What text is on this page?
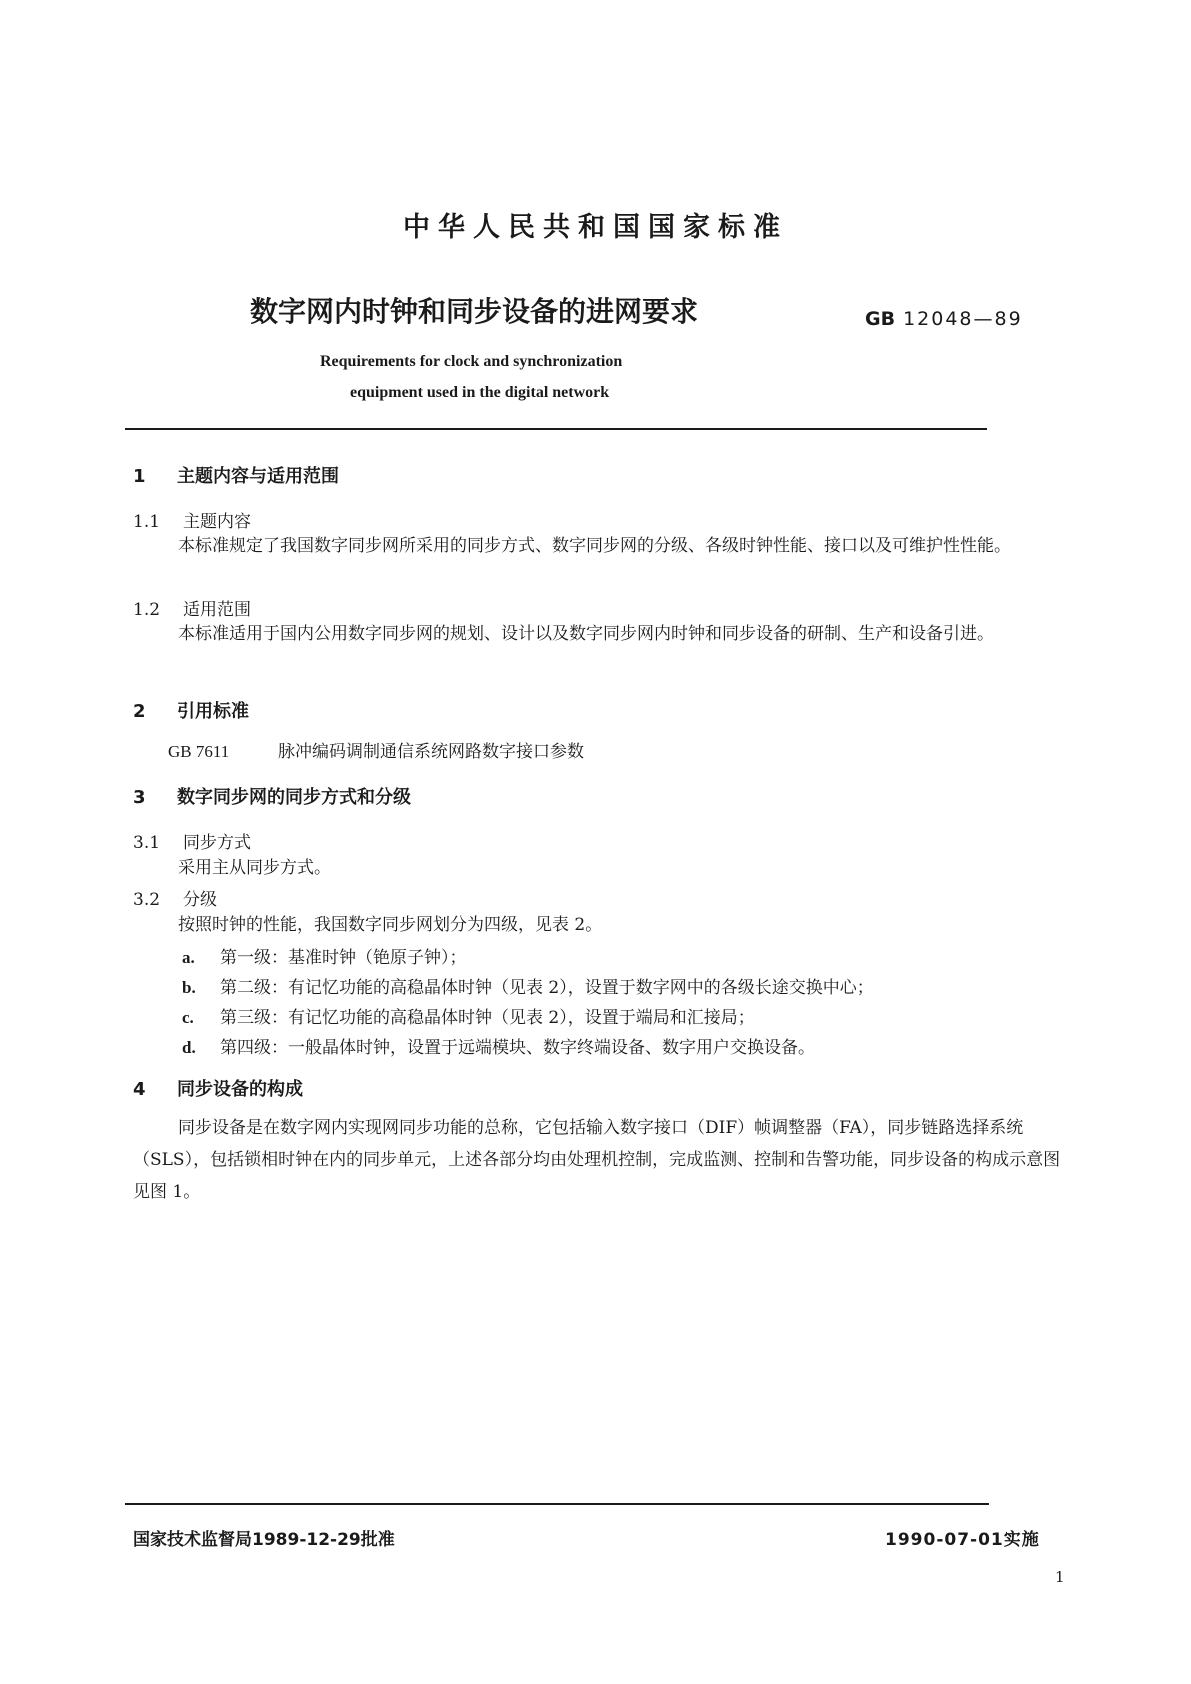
中华人民共和国国家标准
数字网内时钟和同步设备的进网要求	GB 12048—89
Requirements for clock and synchronization
equipment used in the digital network
1 主题内容与适用范围
1.1 主题内容
本标准规定了我国数字同步网所采用的同步方式、数字同步网的分级、各级时钟性能、接口以及可维护性性能。
1.2 适用范围
本标准适用于国内公用数字同步网的规划、设计以及数字同步网内时钟和同步设备的研制、生产和设备引进。
2 引用标准
GB 7611	脉冲编码调制通信系统网路数字接口参数
3 数字同步网的同步方式和分级
3.1 同步方式
采用主从同步方式。
3.2 分级
按照时钟的性能，我国数字同步网划分为四级，见表 2。
a. 第一级：基准时钟（铯原子钟）；
b. 第二级：有记忆功能的高稳晶体时钟（见表 2），设置于数字网中的各级长途交换中心；
c. 第三级：有记忆功能的高稳晶体时钟（见表 2），设置于端局和汇接局；
d. 第四级：一般晶体时钟，设置于远端模块、数字终端设备、数字用户交换设备。
4 同步设备的构成
同步设备是在数字网内实现网同步功能的总称，它包括输入数字接口（DIF）帧调整器（FA），同步链路选择系统（SLS），包括锁相时钟在内的同步单元，上述各部分均由处理机控制，完成监测、控制和告警功能，同步设备的构成示意图见图 1。
国家技术监督局1989-12-29批准	1990-07-01实施
1
